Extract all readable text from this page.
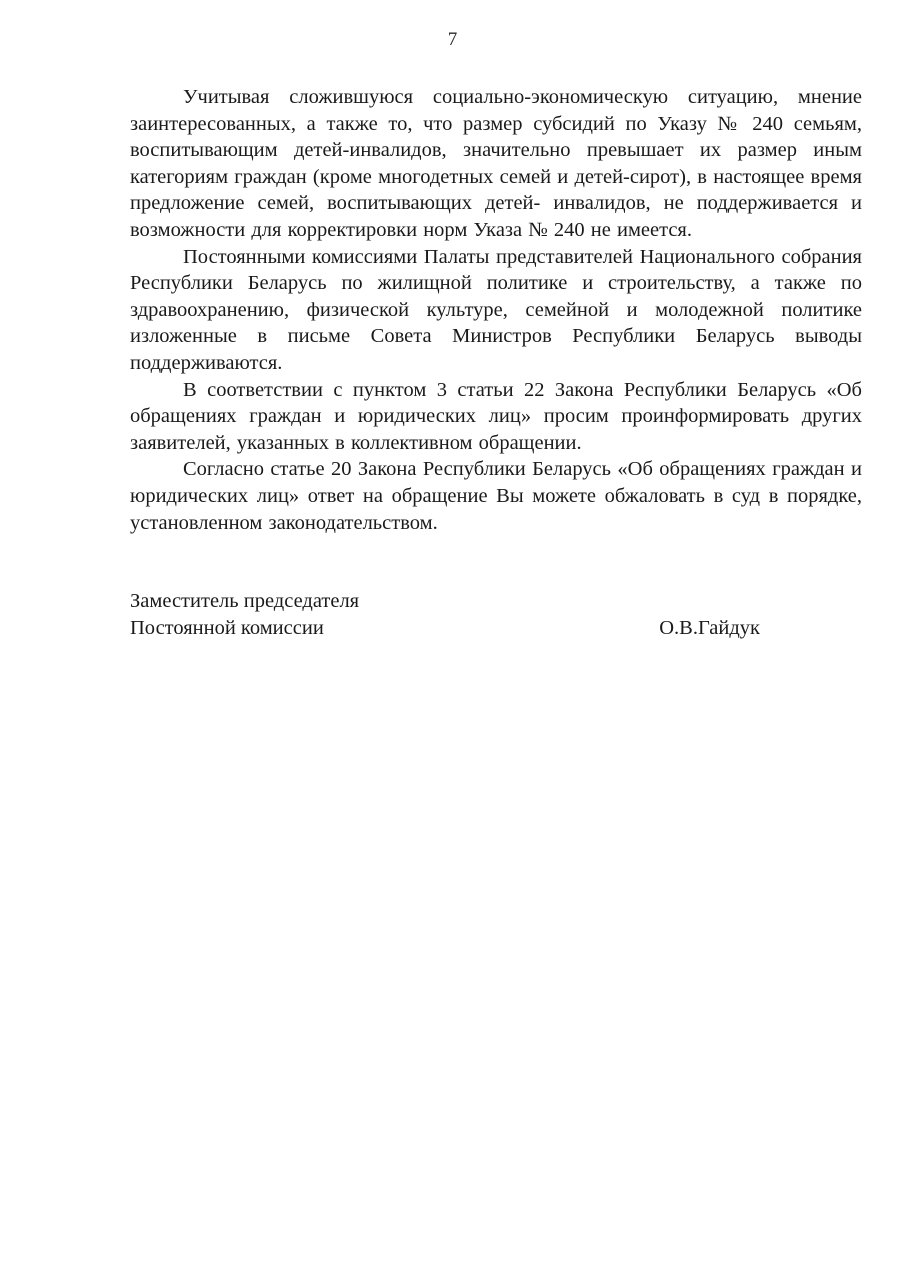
7

Учитывая сложившуюся социально-экономическую ситуацию, мнение заинтересованных, а также то, что размер субсидий по Указу № 240 семьям, воспитывающим детей-инвалидов, значительно превышает их размер иным категориям граждан (кроме многодетных семей и детей-сирот), в настоящее время предложение семей, воспитывающих детей- инвалидов, не поддерживается и возможности для корректировки норм Указа № 240 не имеется.

Постоянными комиссиями Палаты представителей Национального собрания Республики Беларусь по жилищной политике и строительству, а также по здравоохранению, физической культуре, семейной и молодежной политике изложенные в письме Совета Министров Республики Беларусь выводы поддерживаются.

В соответствии с пунктом 3 статьи 22 Закона Республики Беларусь «Об обращениях граждан и юридических лиц» просим проинформировать других заявителей, указанных в коллективном обращении.

Согласно статье 20 Закона Республики Беларусь «Об обращениях граждан и юридических лиц» ответ на обращение Вы можете обжаловать в суд в порядке, установленном законодательством.

Заместитель председателя
Постоянной комиссии	О.В.Гайдук
